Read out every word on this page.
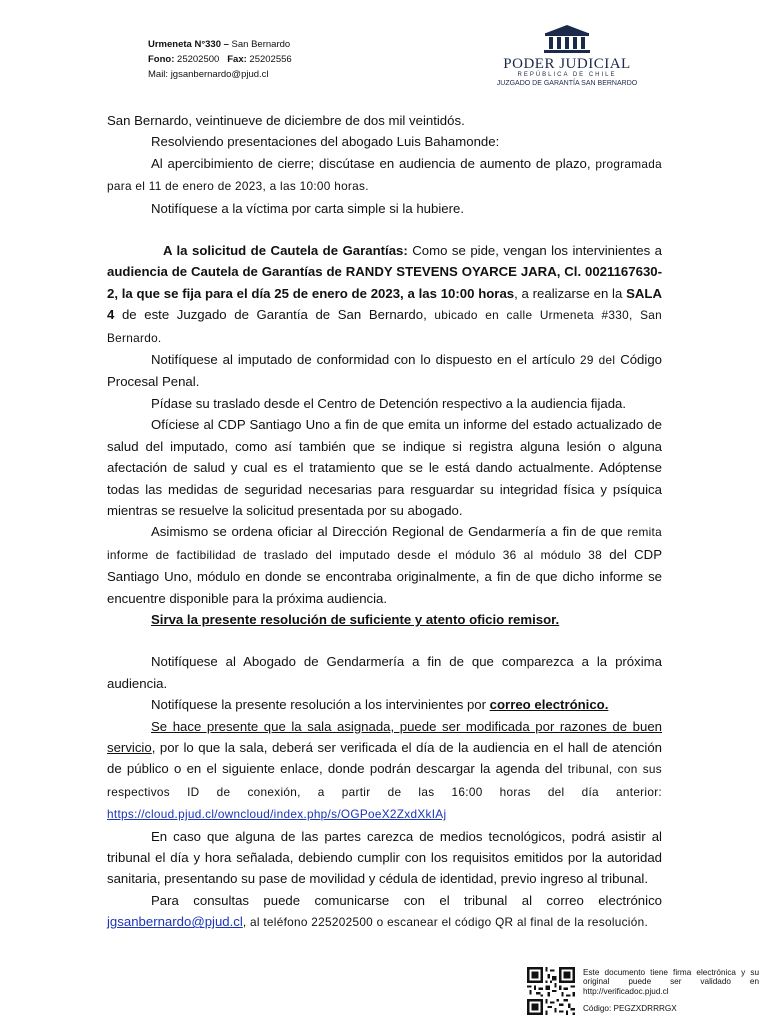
Urmeneta N°330 – San Bernardo
Fono: 25202500 Fax: 25202556
Mail: jgsanbernardo@pjud.cl
PODER JUDICIAL
REPÚBLICA DE CHILE
JUZGADO DE GARANTÍA SAN BERNARDO

San Bernardo, veintinueve de diciembre de dos mil veintidós.

Resolviendo presentaciones del abogado Luis Bahamonde:

Al apercibimiento de cierre; discútase en audiencia de aumento de plazo, programada para el 11 de enero de 2023, a las 10:00 horas.

Notifíquese a la víctima por carta simple si la hubiere.

A la solicitud de Cautela de Garantías: Como se pide, vengan los intervinientes a audiencia de Cautela de Garantías de RANDY STEVENS OYARCE JARA, Cl. 0021167630-2, la que se fija para el día 25 de enero de 2023, a las 10:00 horas, a realizarse en la SALA 4 de este Juzgado de Garantía de San Bernardo, ubicado en calle Urmeneta #330, San Bernardo.

Notifíquese al imputado de conformidad con lo dispuesto en el artículo 29 del Código Procesal Penal.

Pídase su traslado desde el Centro de Detención respectivo a la audiencia fijada.

Ofíciese al CDP Santiago Uno a fin de que emita un informe del estado actualizado de salud del imputado, como así también que se indique si registra alguna lesión o alguna afectación de salud y cual es el tratamiento que se le está dando actualmente. Adóptense todas las medidas de seguridad necesarias para resguardar su integridad física y psíquica mientras se resuelve la solicitud presentada por su abogado.

Asimismo se ordena oficiar al Dirección Regional de Gendarmería a fin de que remita informe de factibilidad de traslado del imputado desde el módulo 36 al módulo 38 del CDP Santiago Uno, módulo en donde se encontraba originalmente, a fin de que dicho informe se encuentre disponible para la próxima audiencia.

Sirva la presente resolución de suficiente y atento oficio remisor.

Notifíquese al Abogado de Gendarmería a fin de que comparezca a la próxima audiencia.

Notifíquese la presente resolución a los intervinientes por correo electrónico.

Se hace presente que la sala asignada, puede ser modificada por razones de buen servicio, por lo que la sala, deberá ser verificada el día de la audiencia en el hall de atención de público o en el siguiente enlace, donde podrán descargar la agenda del tribunal, con sus respectivos ID de conexión, a partir de las 16:00 horas del día anterior: https://cloud.pjud.cl/owncloud/index.php/s/OGPoeX2ZxdXkIAj

En caso que alguna de las partes carezca de medios tecnológicos, podrá asistir al tribunal el día y hora señalada, debiendo cumplir con los requisitos emitidos por la autoridad sanitaria, presentando su pase de movilidad y cédula de identidad, previo ingreso al tribunal.

Para consultas puede comunicarse con el tribunal al correo electrónico jgsanbernardo@pjud.cl, al teléfono 225202500 o escanear el código QR al final de la resolución.

Este documento tiene firma electrónica y su original puede ser validado en http://verificadoc.pjud.cl
Código: PEGZXDRRRGX
